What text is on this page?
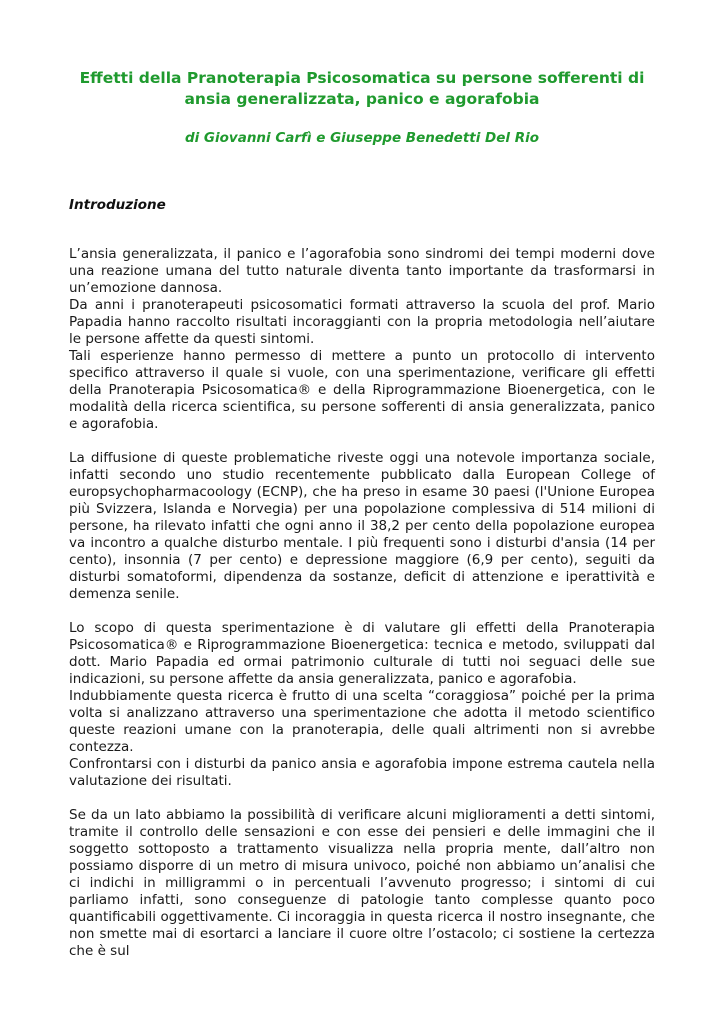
Effetti della Pranoterapia Psicosomatica su persone sofferenti di ansia generalizzata, panico e agorafobia
di Giovanni Carfì e Giuseppe Benedetti Del Rio
Introduzione

L’ansia generalizzata, il panico e l’agorafobia sono sindromi dei tempi moderni dove una reazione umana del tutto naturale diventa tanto importante da trasformarsi in un’emozione dannosa.

Da anni i pranoterapeuti psicosomatici formati attraverso la scuola del prof. Mario Papadia hanno raccolto risultati incoraggianti con la propria metodologia nell’aiutare le persone affette da questi sintomi.

Tali esperienze hanno permesso di mettere a punto un protocollo di intervento specifico attraverso il quale si vuole, con una sperimentazione, verificare gli effetti della Pranoterapia Psicosomatica® e della Riprogrammazione Bioenergetica, con le modalità della ricerca scientifica, su persone sofferenti di ansia generalizzata, panico e agorafobia.

La diffusione di queste problematiche riveste oggi una notevole importanza sociale, infatti secondo uno studio recentemente pubblicato dalla European College of europsychopharmacoology (ECNP), che ha preso in esame 30 paesi (l'Unione Europea più Svizzera, Islanda e Norvegia) per una popolazione complessiva di 514 milioni di persone, ha rilevato infatti che ogni anno il 38,2 per cento della popolazione europea va incontro a qualche disturbo mentale. I più frequenti sono i disturbi d'ansia (14 per cento), insonnia (7 per cento) e depressione maggiore (6,9 per cento), seguiti da disturbi somatoformi, dipendenza da sostanze, deficit di attenzione e iperattività e demenza senile.

Lo scopo di questa sperimentazione è di valutare gli effetti della Pranoterapia Psicosomatica® e Riprogrammazione Bioenergetica: tecnica e metodo, sviluppati dal dott. Mario Papadia ed ormai patrimonio culturale di tutti noi seguaci delle sue indicazioni, su persone affette da ansia generalizzata, panico e agorafobia.

Indubbiamente questa ricerca è frutto di una scelta “coraggiosa” poiché per la prima volta si analizzano attraverso una sperimentazione che adotta il metodo scientifico queste reazioni umane con la pranoterapia, delle quali altrimenti non si avrebbe contezza.

Confrontarsi con i disturbi da panico ansia e agorafobia impone estrema cautela nella valutazione dei risultati.

Se da un lato abbiamo la possibilità di verificare alcuni miglioramenti a detti sintomi, tramite il controllo delle sensazioni e con esse dei pensieri e delle immagini che il soggetto sottoposto a trattamento visualizza nella propria mente, dall’altro non possiamo disporre di un metro di misura univoco, poiché non abbiamo un’analisi che ci indichi in milligrammi o in percentuali l’avvenuto progresso; i sintomi di cui parliamo infatti, sono conseguenze di patologie tanto complesse quanto poco quantificabili oggettivamente. Ci incoraggia in questa ricerca il nostro insegnante, che non smette mai di esortarci a lanciare il cuore oltre l’ostacolo; ci sostiene la certezza che è sul
